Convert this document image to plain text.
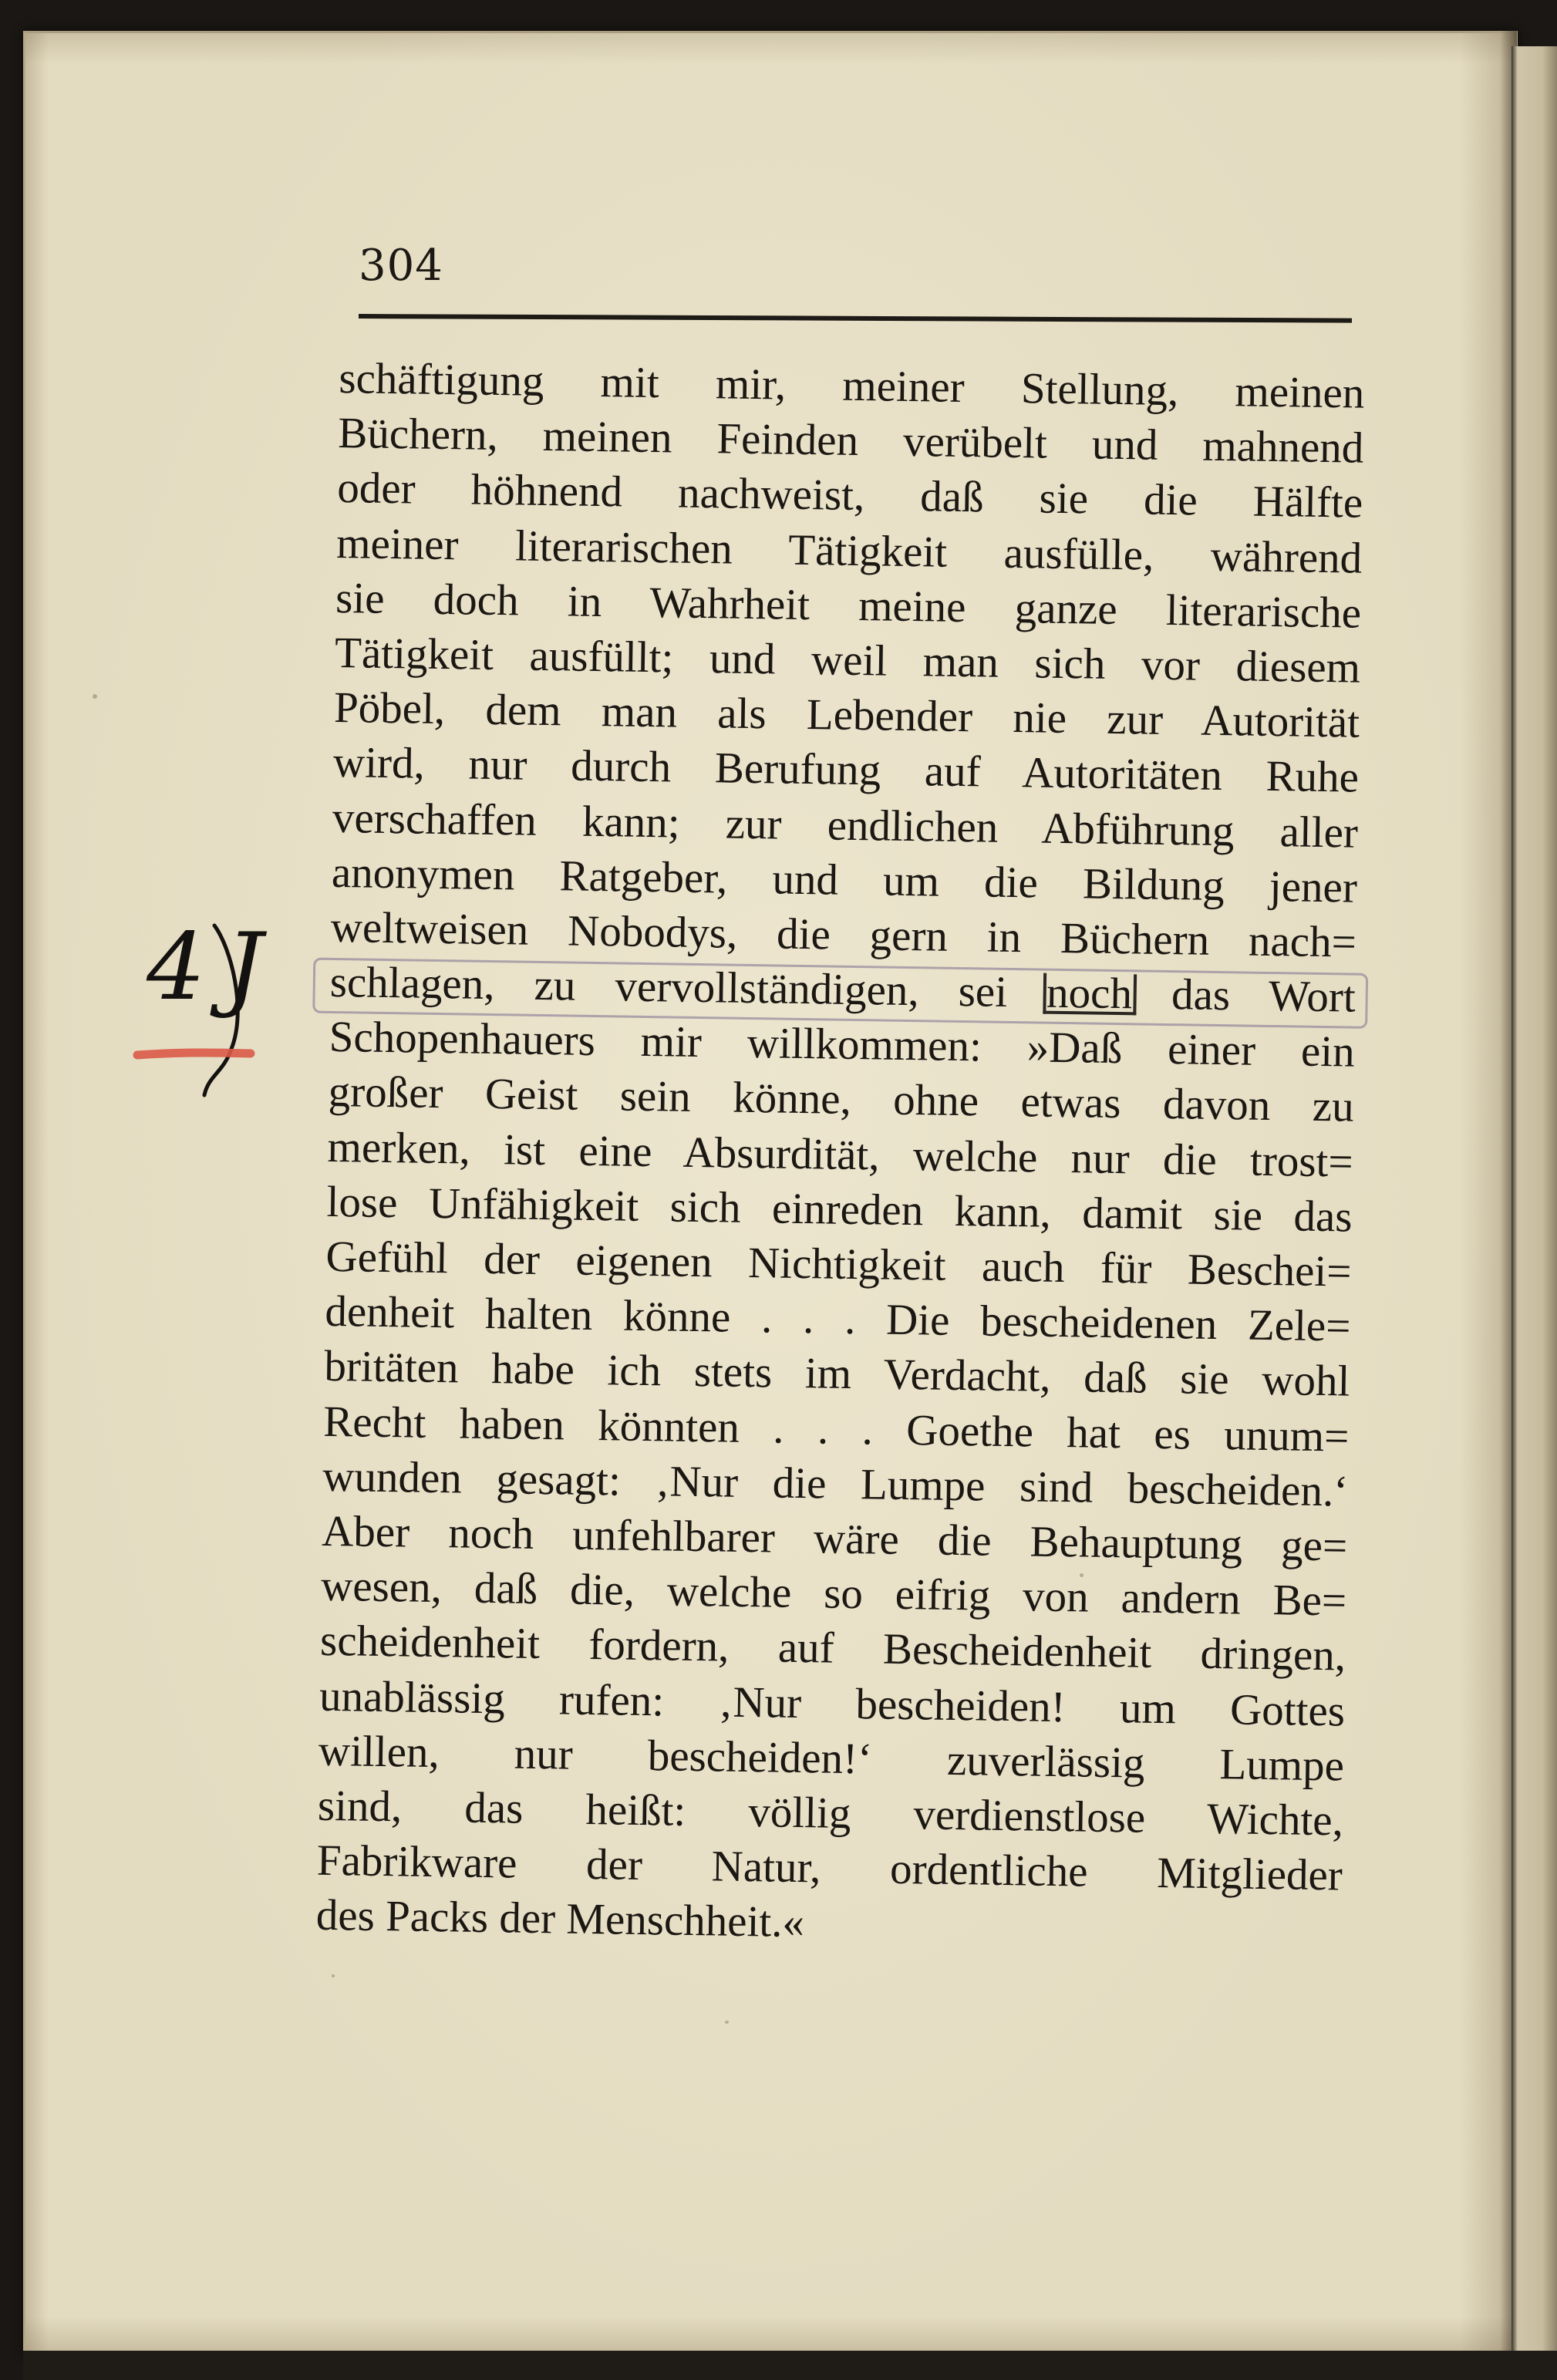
304
4 J
schäftigung mit mir, meiner Stellung, meinen
Büchern, meinen Feinden verübelt und mahnend
oder höhnend nachweist, daß sie die Hälfte
meiner literarischen Tätigkeit ausfülle, während
sie doch in Wahrheit meine ganze literarische
Tätigkeit ausfüllt; und weil man sich vor diesem
Pöbel, dem man als Lebender nie zur Autorität
wird, nur durch Berufung auf Autoritäten Ruhe
verschaffen kann; zur endlichen Abführung aller
anonymen Ratgeber, und um die Bildung jener
weltweisen Nobodys, die gern in Büchern nach=
schlagen, zu vervollständigen, sei noch das Wort
Schopenhauers mir willkommen: »Daß einer ein
großer Geist sein könne, ohne etwas davon zu
merken, ist eine Absurdität, welche nur die trost=
lose Unfähigkeit sich einreden kann, damit sie das
Gefühl der eigenen Nichtigkeit auch für Beschei=
denheit halten könne . . . Die bescheidenen Zele=
britäten habe ich stets im Verdacht, daß sie wohl
Recht haben könnten . . . Goethe hat es unum=
wunden gesagt: ‚Nur die Lumpe sind bescheiden.‘
Aber noch unfehlbarer wäre die Behauptung ge=
wesen, daß die, welche so eifrig von andern Be=
scheidenheit fordern, auf Bescheidenheit dringen,
unablässig rufen: ‚Nur bescheiden! um Gottes
willen, nur bescheiden!‘ zuverlässig Lumpe
sind, das heißt: völlig verdienstlose Wichte,
Fabrikware der Natur, ordentliche Mitglieder
des Packs der Menschheit.«
